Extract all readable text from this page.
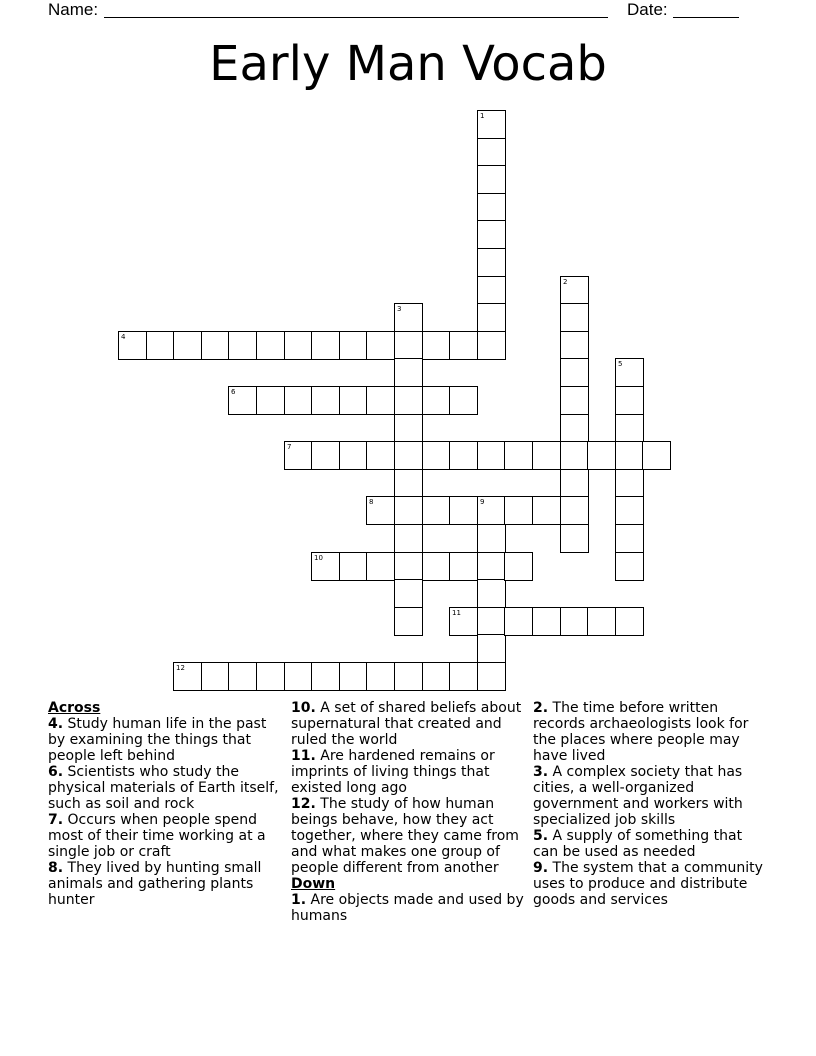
Name:	Date:
Early Man Vocab
1
2
3
4
5
6
7
8	9
10
11
12
Across
4. Study human life in the past by examining the things that people left behind
6. Scientists who study the physical materials of Earth itself, such as soil and rock
7. Occurs when people spend most of their time working at a single job or craft
8. They lived by hunting small animals and gathering plants hunter
10. A set of shared beliefs about supernatural that created and ruled the world
11. Are hardened remains or imprints of living things that existed long ago
12. The study of how human beings behave, how they act together, where they came from and what makes one group of people different from another
Down
1. Are objects made and used by humans
2. The time before written records archaeologists look for the places where people may have lived
3. A complex society that has cities, a well-organized government and workers with specialized job skills
5. A supply of something that can be used as needed
9. The system that a community uses to produce and distribute goods and services
